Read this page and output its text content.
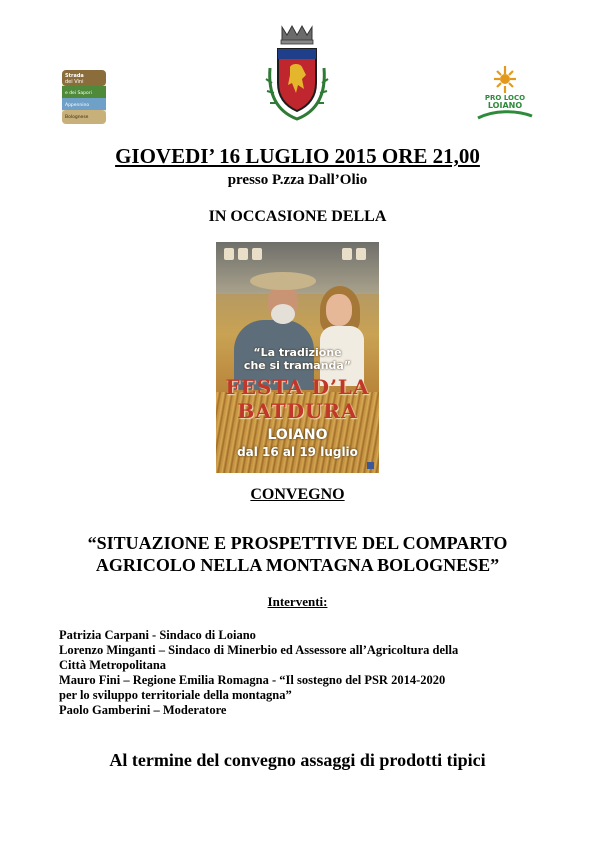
Strada
dei Vini
e dei Sapori
Appennino
Bolognese
PRO LOCO
LOIANO
GIOVEDI’ 16 LUGLIO 2015 ORE 21,00
presso P.zza Dall’Olio
IN OCCASIONE DELLA
“La tradizione
che si tramanda”
FESTA D’LA
BATDURA
LOIANO
dal 16 al 19 luglio
CONVEGNO
“SITUAZIONE E PROSPETTIVE DEL COMPARTO
AGRICOLO NELLA MONTAGNA BOLOGNESE”
Interventi:
Patrizia Carpani - Sindaco di Loiano
Lorenzo Minganti – Sindaco di Minerbio ed Assessore all’Agricoltura della
Città Metropolitana
Mauro Fini – Regione Emilia Romagna - “Il sostegno del PSR 2014-2020
per lo sviluppo territoriale della montagna”
Paolo Gamberini – Moderatore
Al termine del convegno assaggi di prodotti tipici
